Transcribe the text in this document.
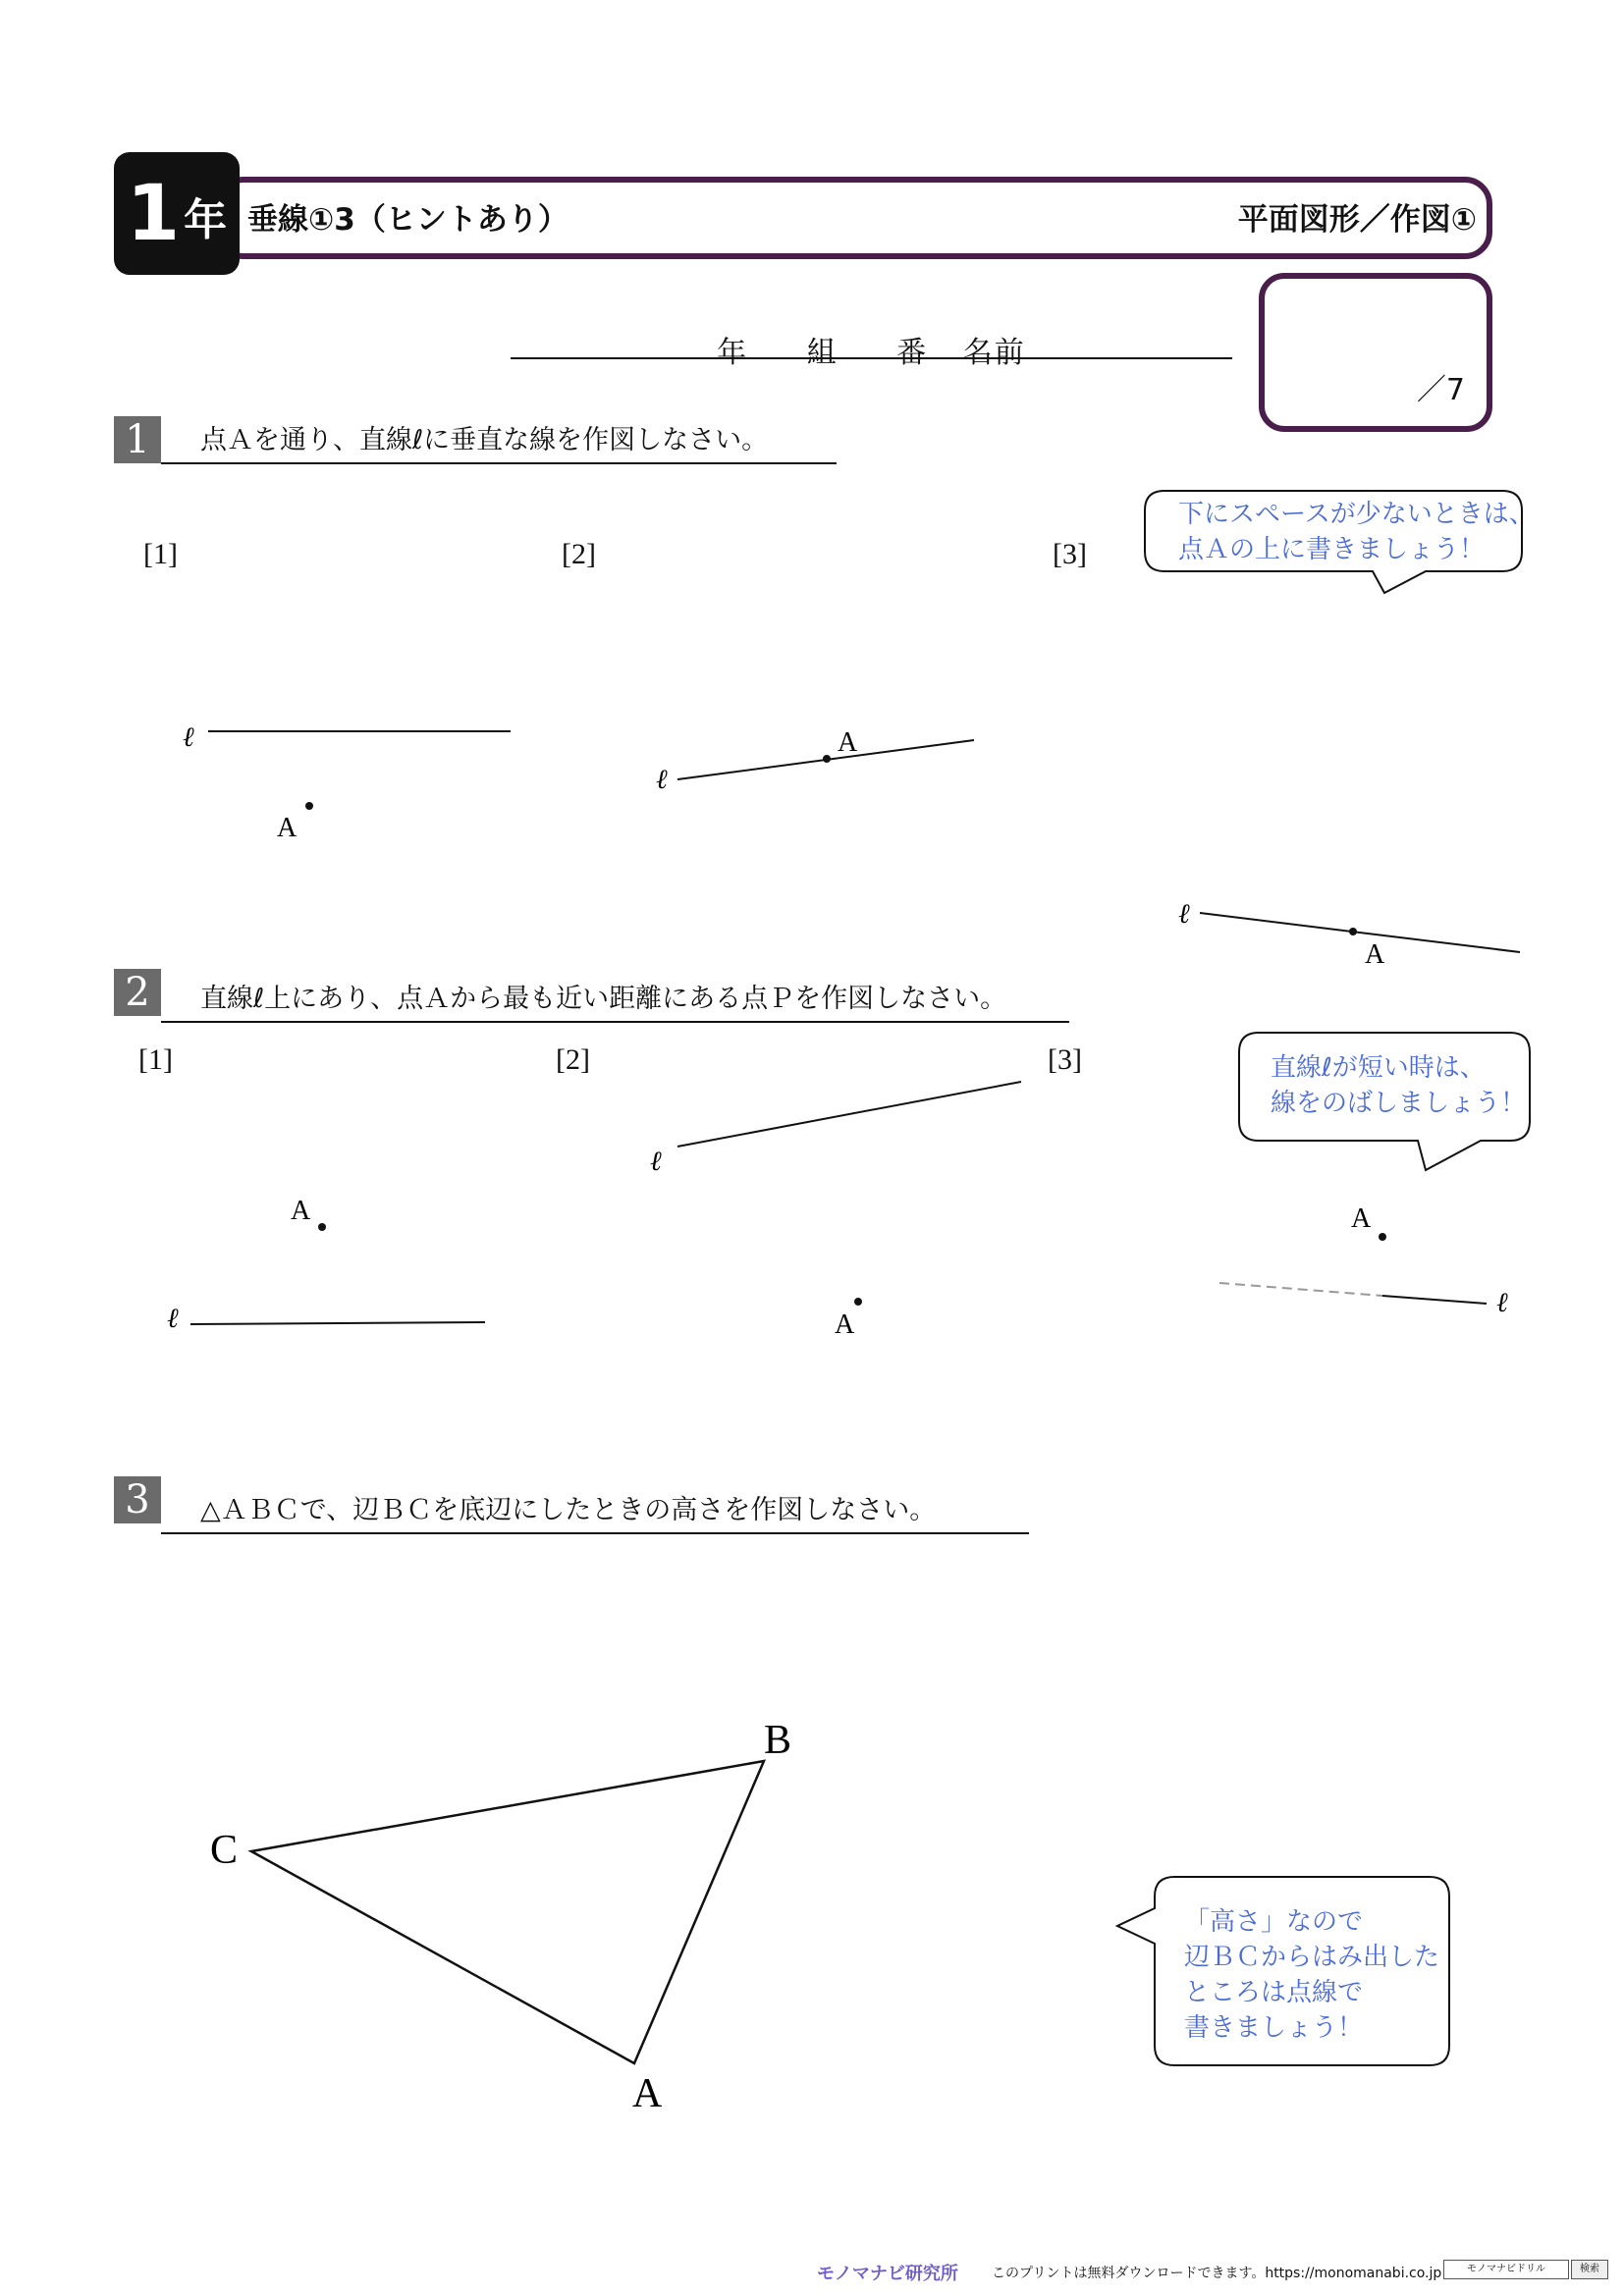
1 年 垂線①3（ヒントあり）	平面図形／作図①
／7
年 組 番 名前
1	点Ａを通り、直線ℓに垂直な線を作図しなさい。
[1]	[2]	[3]
2	直線ℓ上にあり、点Ａから最も近い距離にある点Ｐを作図しなさい。
[1]	[2]	[3]
3	△ＡＢＣで、辺ＢＣを底辺にしたときの高さを作図しなさい。
ℓ
A
ℓ
A
ℓ
A
ℓ
A
ℓ
A
ℓ
A
C
B
A
下にスペースが少ないときは、
点Ａの上に書きましょう！
直線ℓが短い時は、
線をのばしましょう！
「高さ」なので
辺ＢＣからはみ出した
ところは点線で
書きましょう！
モノマナビ研究所 このプリントは無料ダウンロードできます。https://monomanabi.co.jp	モノマナビドリル	検索
